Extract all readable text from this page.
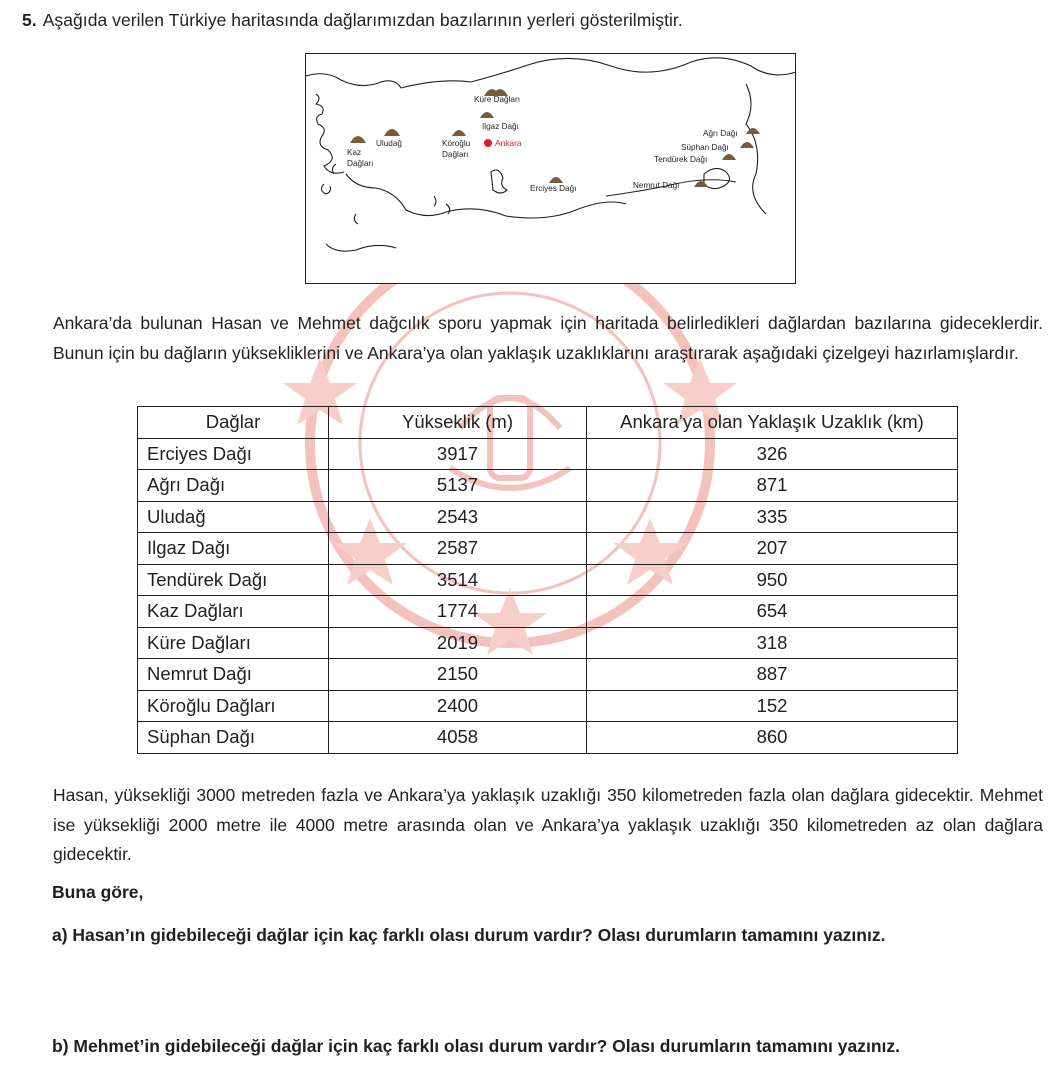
5. Aşağıda verilen Türkiye haritasında dağlarımızdan bazılarının yerleri gösterilmiştir.
Küre Dağları
Ilgaz Dağı
Uludağ
Kaz
Dağları
Köroğlu
Dağları
Ankara
Erciyes Dağı
Ağrı Dağı
Süphan Dağı
Tendürek Dağı
Nemrut Dağı
Ankara’da bulunan Hasan ve Mehmet dağcılık sporu yapmak için haritada belirledikleri dağlardan bazılarına gideceklerdir. Bunun için bu dağların yüksekliklerini ve Ankara’ya olan yaklaşık uzaklıklarını araştırarak aşağıdaki çizelgeyi hazırlamışlardır.
Dağlar	Yükseklik (m)	Ankara’ya olan Yaklaşık Uzaklık (km)
Erciyes Dağı	3917	326
Ağrı Dağı	5137	871
Uludağ	2543	335
Ilgaz Dağı	2587	207
Tendürek Dağı	3514	950
Kaz Dağları	1774	654
Küre Dağları	2019	318
Nemrut Dağı	2150	887
Köroğlu Dağları	2400	152
Süphan Dağı	4058	860
Hasan, yüksekliği 3000 metreden fazla ve Ankara’ya yaklaşık uzaklığı 350 kilometreden fazla olan dağlara gidecektir. Mehmet ise yüksekliği 2000 metre ile 4000 metre arasında olan ve Ankara’ya yaklaşık uzaklığı 350 kilometreden az olan dağlara gidecektir.
Buna göre,
a) Hasan’ın gidebileceği dağlar için kaç farklı olası durum vardır? Olası durumların tamamını yazınız.
b) Mehmet’in gidebileceği dağlar için kaç farklı olası durum vardır? Olası durumların tamamını yazınız.
